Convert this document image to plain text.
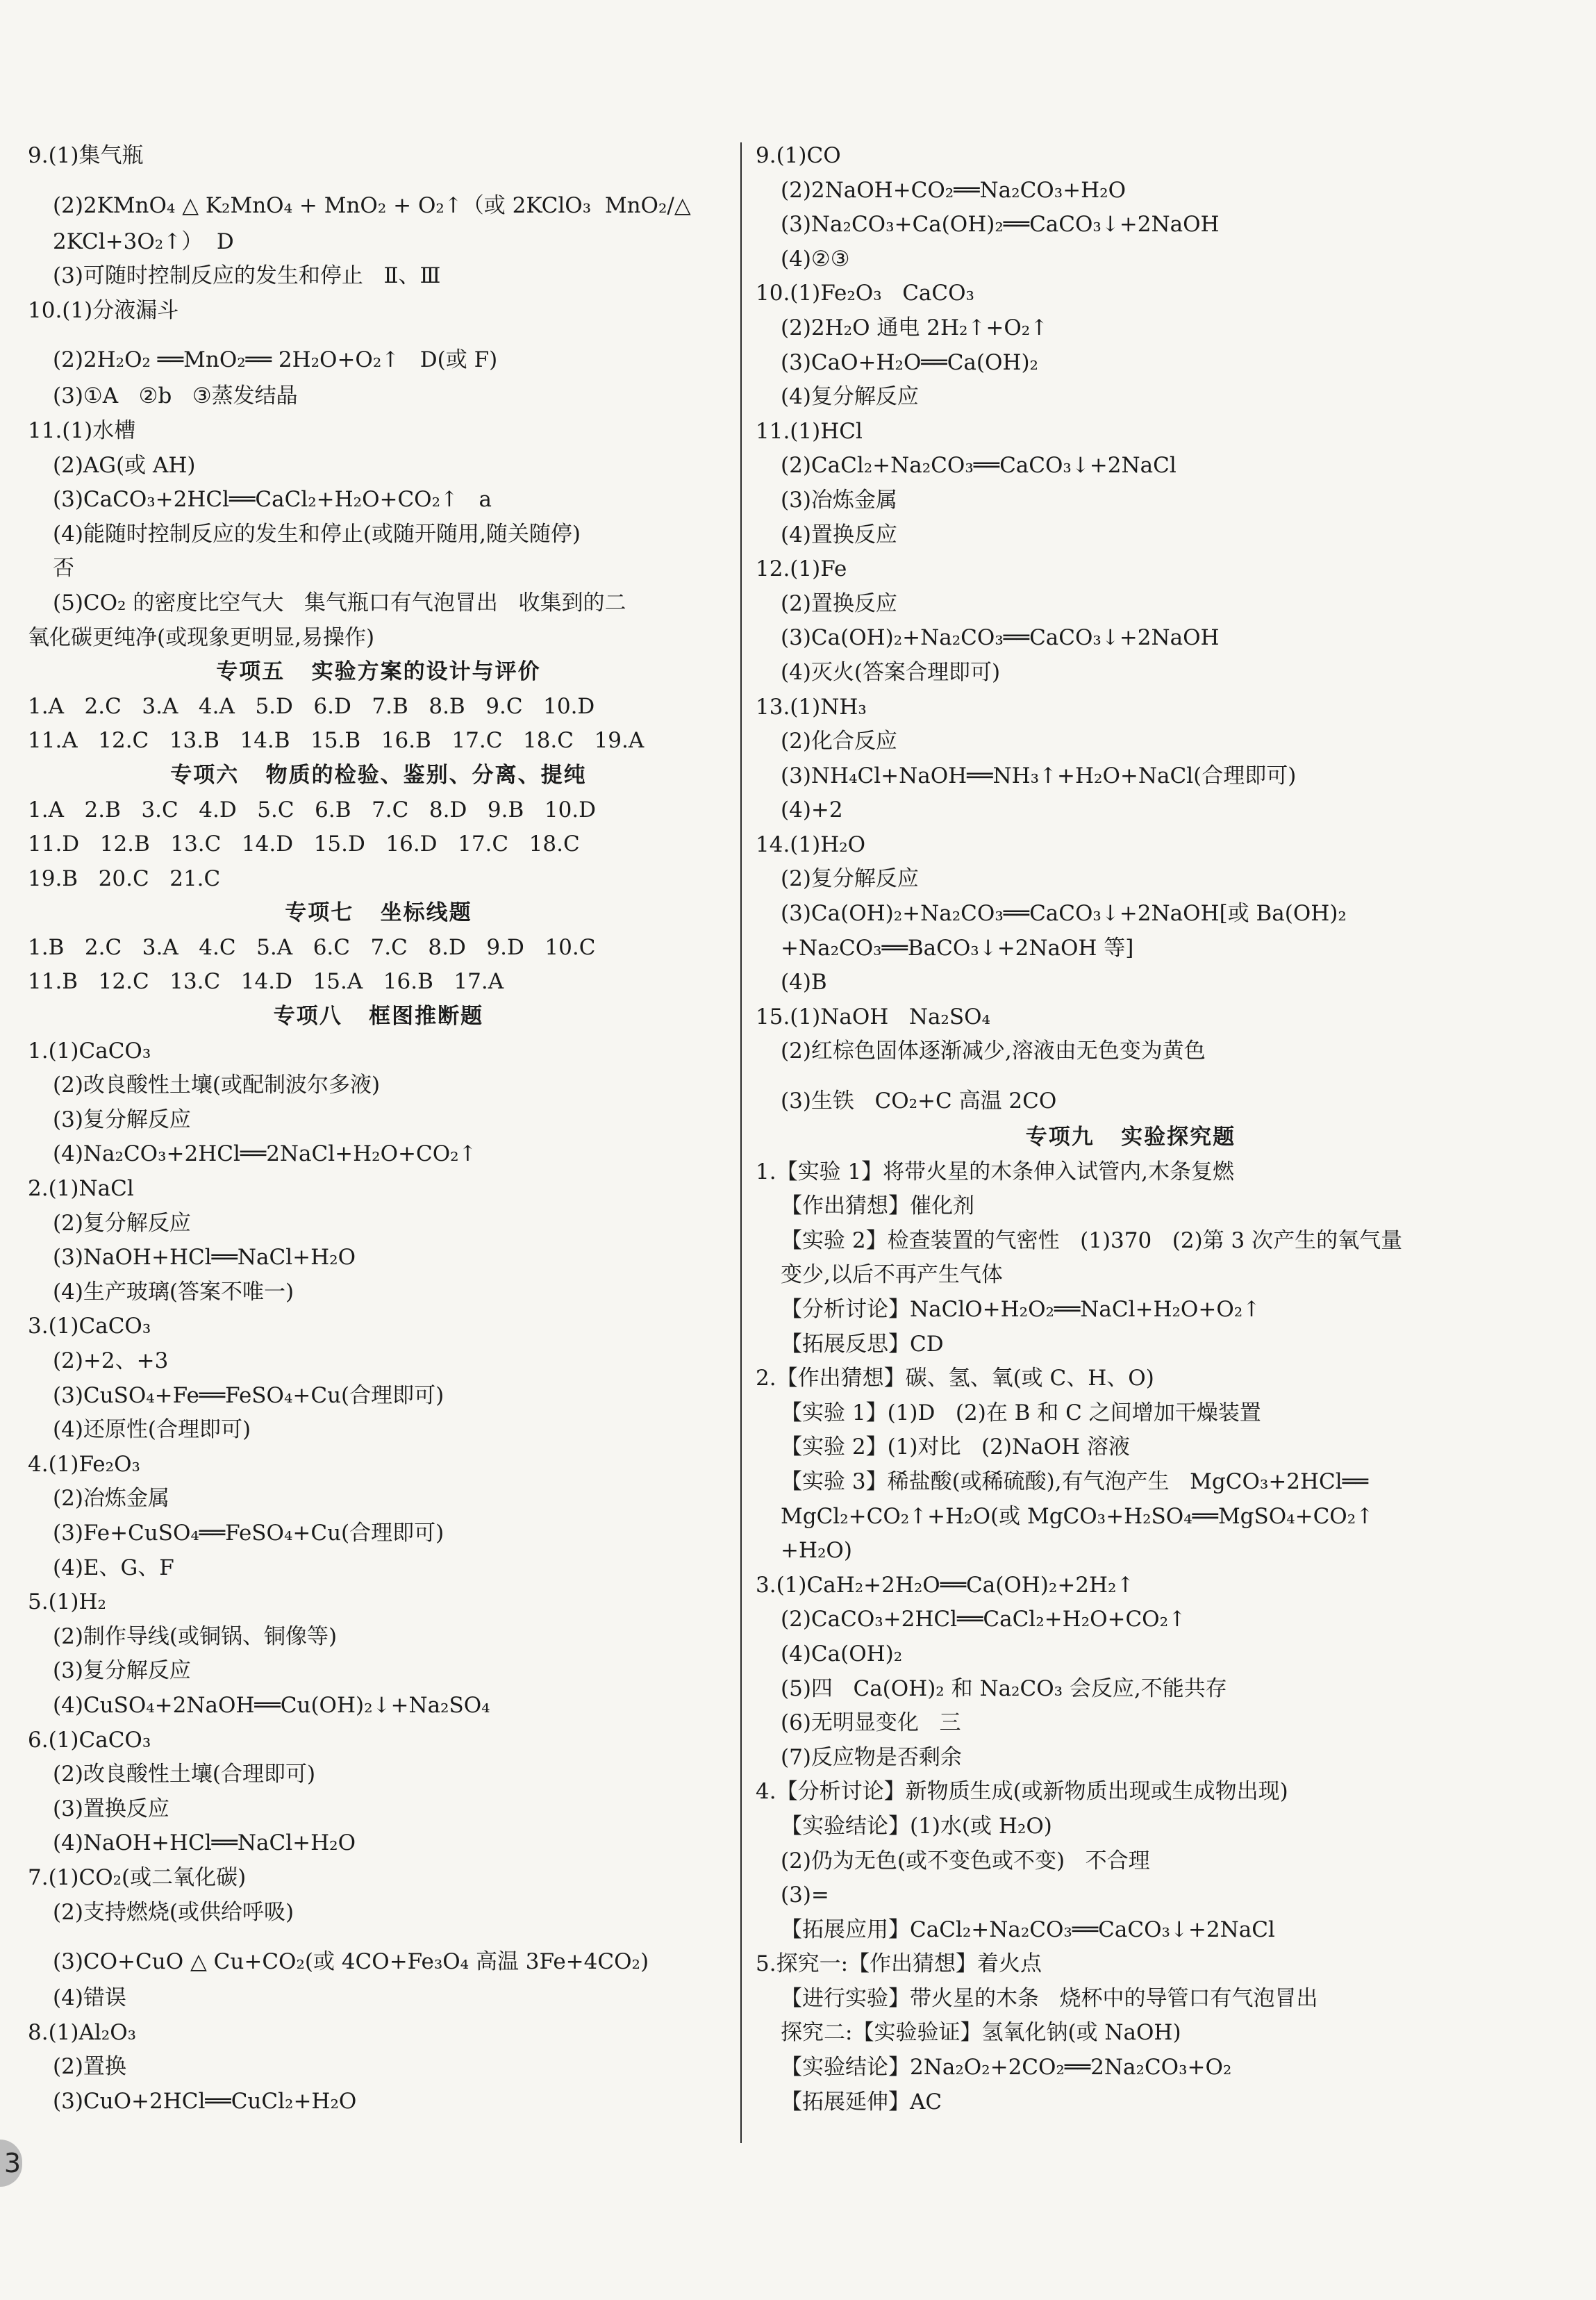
9.(1)集气瓶
(2)2KMnO₄ △ K₂MnO₄ + MnO₂ + O₂↑（或 2KClO₃  MnO₂/△
2KCl+3O₂↑）  D
(3)可随时控制反应的发生和停止   Ⅱ、Ⅲ
10.(1)分液漏斗
(2)2H₂O₂ ══MnO₂══ 2H₂O+O₂↑   D(或 F)
(3)①A   ②b   ③蒸发结晶
11.(1)水槽
(2)AG(或 AH)
(3)CaCO₃+2HCl══CaCl₂+H₂O+CO₂↑   a
(4)能随时控制反应的发生和停止(或随开随用,随关随停)
否
(5)CO₂ 的密度比空气大   集气瓶口有气泡冒出   收集到的二
氧化碳更纯净(或现象更明显,易操作)
专项五   实验方案的设计与评价
1.A   2.C   3.A   4.A   5.D   6.D   7.B   8.B   9.C   10.D
11.A   12.C   13.B   14.B   15.B   16.B   17.C   18.C   19.A
专项六   物质的检验、鉴别、分离、提纯
1.A   2.B   3.C   4.D   5.C   6.B   7.C   8.D   9.B   10.D
11.D   12.B   13.C   14.D   15.D   16.D   17.C   18.C
19.B   20.C   21.C
专项七   坐标线题
1.B   2.C   3.A   4.C   5.A   6.C   7.C   8.D   9.D   10.C
11.B   12.C   13.C   14.D   15.A   16.B   17.A
专项八   框图推断题
1.(1)CaCO₃
(2)改良酸性土壤(或配制波尔多液)
(3)复分解反应
(4)Na₂CO₃+2HCl══2NaCl+H₂O+CO₂↑
2.(1)NaCl
(2)复分解反应
(3)NaOH+HCl══NaCl+H₂O
(4)生产玻璃(答案不唯一)
3.(1)CaCO₃
(2)+2、+3
(3)CuSO₄+Fe══FeSO₄+Cu(合理即可)
(4)还原性(合理即可)
4.(1)Fe₂O₃
(2)冶炼金属
(3)Fe+CuSO₄══FeSO₄+Cu(合理即可)
(4)E、G、F
5.(1)H₂
(2)制作导线(或铜锅、铜像等)
(3)复分解反应
(4)CuSO₄+2NaOH══Cu(OH)₂↓+Na₂SO₄
6.(1)CaCO₃
(2)改良酸性土壤(合理即可)
(3)置换反应
(4)NaOH+HCl══NaCl+H₂O
7.(1)CO₂(或二氧化碳)
(2)支持燃烧(或供给呼吸)
(3)CO+CuO △ Cu+CO₂(或 4CO+Fe₃O₄ 高温 3Fe+4CO₂)
(4)错误
8.(1)Al₂O₃
(2)置换
(3)CuO+2HCl══CuCl₂+H₂O
9.(1)CO
(2)2NaOH+CO₂══Na₂CO₃+H₂O
(3)Na₂CO₃+Ca(OH)₂══CaCO₃↓+2NaOH
(4)②③
10.(1)Fe₂O₃   CaCO₃
(2)2H₂O 通电 2H₂↑+O₂↑
(3)CaO+H₂O══Ca(OH)₂
(4)复分解反应
11.(1)HCl
(2)CaCl₂+Na₂CO₃══CaCO₃↓+2NaCl
(3)冶炼金属
(4)置换反应
12.(1)Fe
(2)置换反应
(3)Ca(OH)₂+Na₂CO₃══CaCO₃↓+2NaOH
(4)灭火(答案合理即可)
13.(1)NH₃
(2)化合反应
(3)NH₄Cl+NaOH══NH₃↑+H₂O+NaCl(合理即可)
(4)+2
14.(1)H₂O
(2)复分解反应
(3)Ca(OH)₂+Na₂CO₃══CaCO₃↓+2NaOH[或 Ba(OH)₂
+Na₂CO₃══BaCO₃↓+2NaOH 等]
(4)B
15.(1)NaOH   Na₂SO₄
(2)红棕色固体逐渐减少,溶液由无色变为黄色
(3)生铁   CO₂+C 高温 2CO
专项九   实验探究题
1.【实验 1】将带火星的木条伸入试管内,木条复燃
【作出猜想】催化剂
【实验 2】检查装置的气密性   (1)370   (2)第 3 次产生的氧气量
变少,以后不再产生气体
【分析讨论】NaClO+H₂O₂══NaCl+H₂O+O₂↑
【拓展反思】CD
2.【作出猜想】碳、氢、氧(或 C、H、O)
【实验 1】(1)D   (2)在 B 和 C 之间增加干燥装置
【实验 2】(1)对比   (2)NaOH 溶液
【实验 3】稀盐酸(或稀硫酸),有气泡产生   MgCO₃+2HCl══
MgCl₂+CO₂↑+H₂O(或 MgCO₃+H₂SO₄══MgSO₄+CO₂↑
+H₂O)
3.(1)CaH₂+2H₂O══Ca(OH)₂+2H₂↑
(2)CaCO₃+2HCl══CaCl₂+H₂O+CO₂↑
(4)Ca(OH)₂
(5)四   Ca(OH)₂ 和 Na₂CO₃ 会反应,不能共存
(6)无明显变化   三
(7)反应物是否剩余
4.【分析讨论】新物质生成(或新物质出现或生成物出现)
【实验结论】(1)水(或 H₂O)
(2)仍为无色(或不变色或不变)   不合理
(3)=
【拓展应用】CaCl₂+Na₂CO₃══CaCO₃↓+2NaCl
5.探究一:【作出猜想】着火点
【进行实验】带火星的木条   烧杯中的导管口有气泡冒出
探究二:【实验验证】氢氧化钠(或 NaOH)
【实验结论】2Na₂O₂+2CO₂══2Na₂CO₃+O₂
【拓展延伸】AC
3
